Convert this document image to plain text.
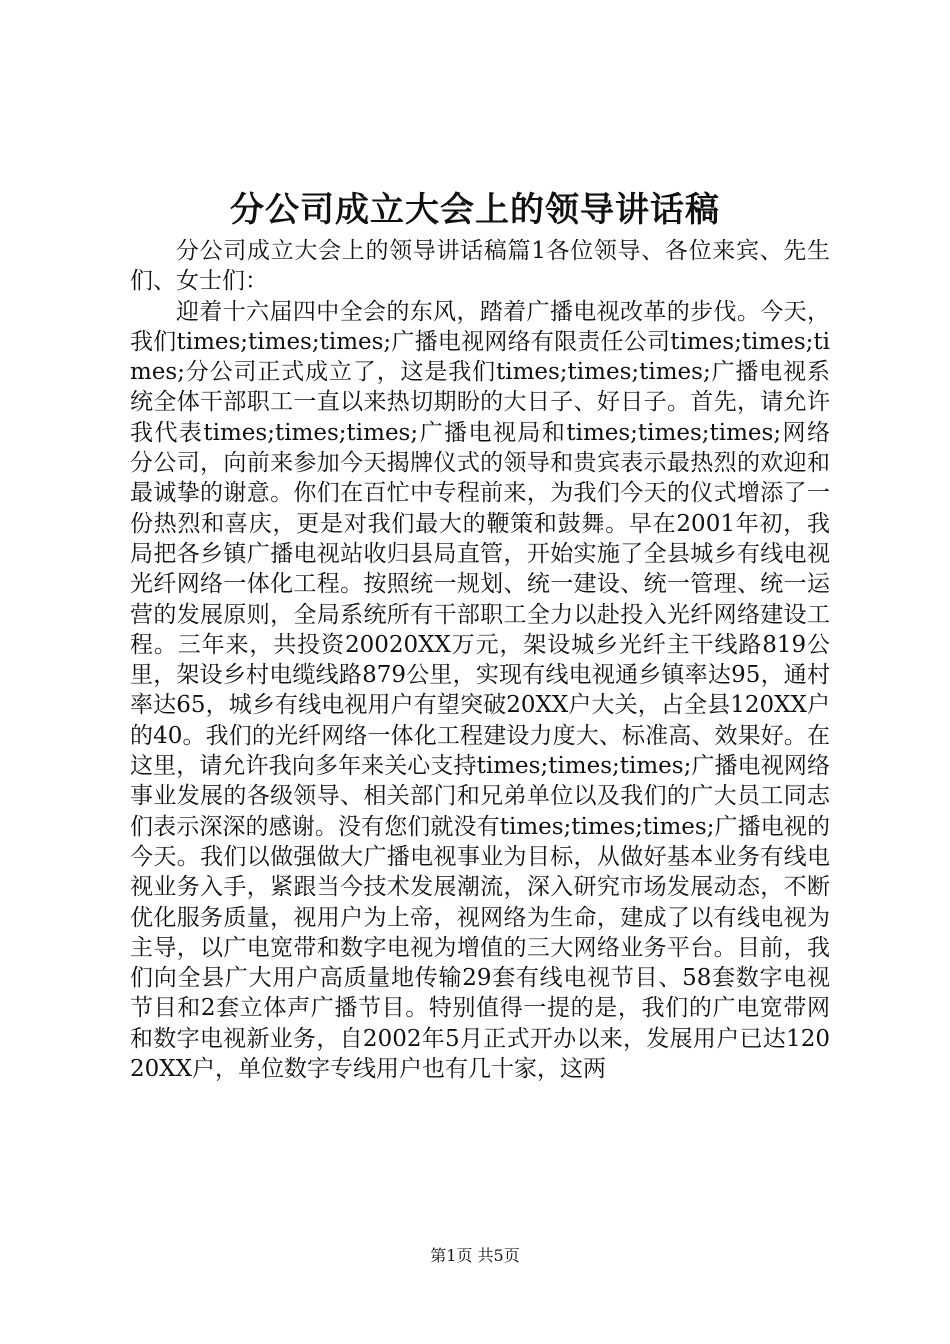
分公司成立大会上的领导讲话稿

分公司成立大会上的领导讲话稿篇1各位领导、各位来宾、先生们、女士们：

迎着十六届四中全会的东风，踏着广播电视改革的步伐。今天，我们times;times;times;广播电视网络有限责任公司times;times;times;分公司正式成立了，这是我们times;times;times;广播电视系统全体干部职工一直以来热切期盼的大日子、好日子。首先，请允许我代表times;times;times;广播电视局和times;times;times;网络分公司，向前来参加今天揭牌仪式的领导和贵宾表示最热烈的欢迎和最诚挚的谢意。你们在百忙中专程前来，为我们今天的仪式增添了一份热烈和喜庆，更是对我们最大的鞭策和鼓舞。早在2001年初，我局把各乡镇广播电视站收归县局直管，开始实施了全县城乡有线电视光纤网络一体化工程。按照统一规划、统一建设、统一管理、统一运营的发展原则，全局系统所有干部职工全力以赴投入光纤网络建设工程。三年来，共投资20020XX万元，架设城乡光纤主干线路819公里，架设乡村电缆线路879公里，实现有线电视通乡镇率达95，通村率达65，城乡有线电视用户有望突破20XX户大关，占全县120XX户的40。我们的光纤网络一体化工程建设力度大、标准高、效果好。在这里，请允许我向多年来关心支持times;times;times;广播电视网络事业发展的各级领导、相关部门和兄弟单位以及我们的广大员工同志们表示深深的感谢。没有您们就没有times;times;times;广播电视的今天。我们以做强做大广播电视事业为目标，从做好基本业务有线电视业务入手，紧跟当今技术发展潮流，深入研究市场发展动态，不断优化服务质量，视用户为上帝，视网络为生命，建成了以有线电视为主导，以广电宽带和数字电视为增值的三大网络业务平台。目前，我们向全县广大用户高质量地传输29套有线电视节目、58套数字电视节目和2套立体声广播节目。特别值得一提的是，我们的广电宽带网和数字电视新业务，自2002年5月正式开办以来，发展用户已达12020XX户，单位数字专线用户也有几十家，这两

第1页 共5页
